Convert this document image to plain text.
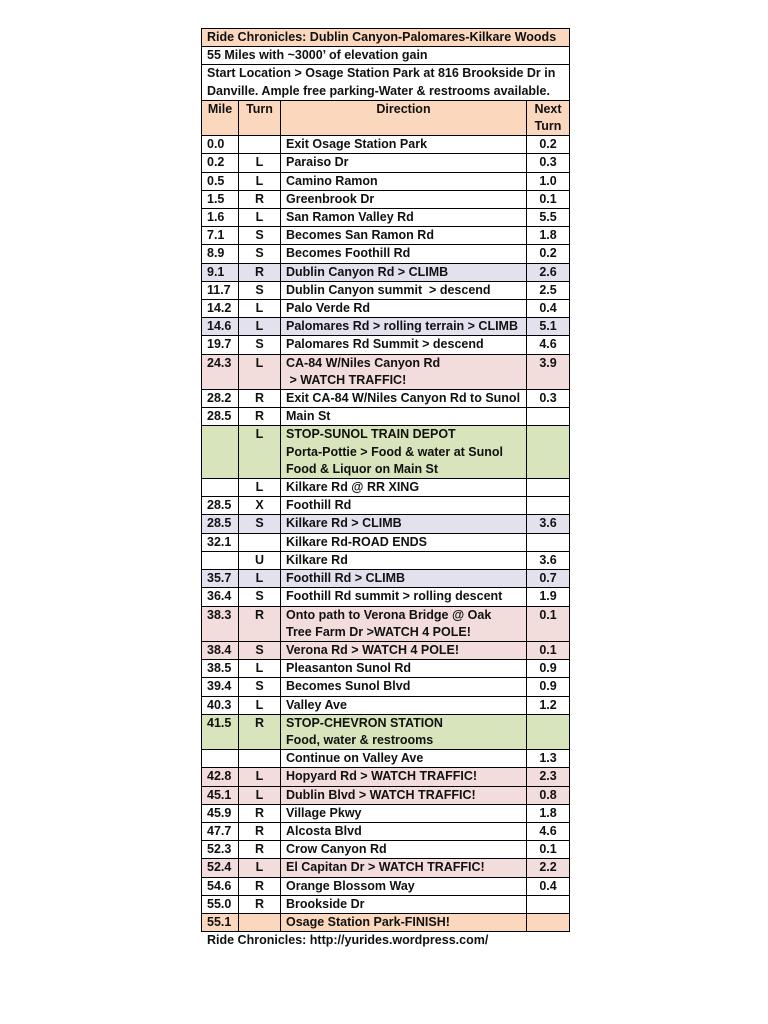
Ride Chronicles: Dublin Canyon-Palomares-Kilkare Woods			
55 Miles with ~3000’ of elevation gain			

Start Location > Osage Station Park at 816 Brookside Dr in
Danville. Ample free parking-Water & restrooms available.			

Mile	Turn	Direction	Next
Turn

0.0		Exit Osage Station Park	0.2
0.2	L	Paraiso Dr	0.3
0.5	L	Camino Ramon	1.0
1.5	R	Greenbrook Dr	0.1
1.6	L	San Ramon Valley Rd	5.5
7.1	S	Becomes San Ramon Rd	1.8
8.9	S	Becomes Foothill Rd	0.2
9.1	R	Dublin Canyon Rd > CLIMB	2.6
11.7	S	Dublin Canyon summit  > descend	2.5
14.2	L	Palo Verde Rd	0.4
14.6	L	Palomares Rd > rolling terrain > CLIMB	5.1
19.7	S	Palomares Rd Summit > descend	4.6
24.3	L	CA-84 W/Niles Canyon Rd
> WATCH TRAFFIC!	3.9
28.2	R	Exit CA-84 W/Niles Canyon Rd to Sunol	0.3
28.5	R	Main St	

	L	STOP-SUNOL TRAIN DEPOT
Porta-Pottie > Food & water at Sunol
Food & Liquor on Main St	

	L	Kilkare Rd @ RR XING	

28.5	X	Foothill Rd	

28.5	S	Kilkare Rd > CLIMB	3.6
32.1		Kilkare Rd-ROAD ENDS	

	U	Kilkare Rd	3.6
35.7	L	Foothill Rd > CLIMB	0.7
36.4	S	Foothill Rd summit > rolling descent	1.9
38.3	R	Onto path to Verona Bridge @ Oak
Tree Farm Dr >WATCH 4 POLE!	0.1
38.4	S	Verona Rd > WATCH 4 POLE!	0.1
38.5	L	Pleasanton Sunol Rd	0.9
39.4	S	Becomes Sunol Blvd	0.9
40.3	L	Valley Ave	1.2
41.5	R	STOP-CHEVRON STATION
Food, water & restrooms	

		Continue on Valley Ave	1.3
42.8	L	Hopyard Rd > WATCH TRAFFIC!	2.3
45.1	L	Dublin Blvd > WATCH TRAFFIC!	0.8
45.9	R	Village Pkwy	1.8
47.7	R	Alcosta Blvd	4.6
52.3	R	Crow Canyon Rd	0.1
52.4	L	El Capitan Dr > WATCH TRAFFIC!	2.2
54.6	R	Orange Blossom Way	0.4
55.0	R	Brookside Dr	

55.1		Osage Station Park-FINISH!	

Ride Chronicles: http://yurides.wordpress.com/
